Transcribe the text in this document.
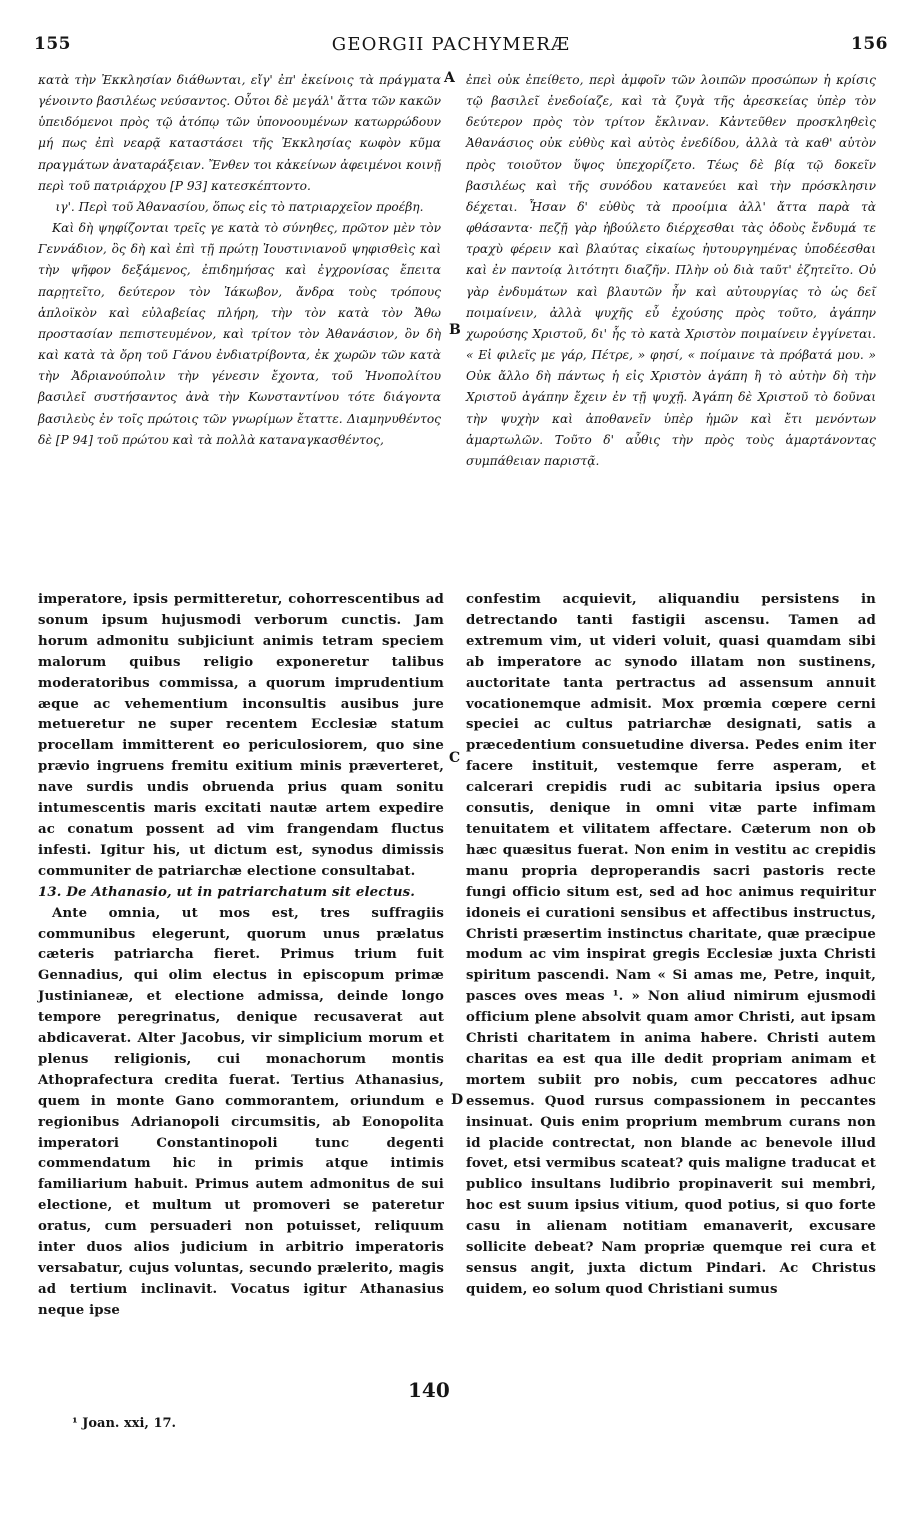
155	GEORGII PACHYMERÆ	156

κατὰ τὴν Ἐκκλησίαν διάθωνται, εἴγ' ἐπ' ἐκείνοις τὰ πράγματα γένοιντο βασιλέως νεύσαντος. Οὗτοι δὲ μεγάλ' ἄττα τῶν κακῶν ὑπειδόμενοι πρὸς τῷ ἀτόπῳ τῶν ὑπονοουμένων κατωρρώδουν μή πως ἐπὶ νεαρᾷ καταστάσει τῆς Ἐκκλησίας κωφὸν κῦμα πραγμάτων ἀναταράξειαν. Ἔνθεν τοι κἀκείνων ἀφειμένοι κοινῇ περὶ τοῦ πατριάρχου [P 93] κατεσκέπτοντο.

ιγ'. Περὶ τοῦ Ἀθανασίου, ὅπως εἰς τὸ πατριαρχεῖον προέβη.

Καὶ δὴ ψηφίζονται τρεῖς γε κατὰ τὸ σύνηθες, πρῶτον μὲν τὸν Γεννάδιον, ὃς δὴ καὶ ἐπὶ τῇ πρώτῃ Ἰουστινιανοῦ ψηφισθεὶς καὶ τὴν ψῆφον δεξάμενος, ἐπιδημήσας καὶ ἐγχρονίσας ἔπειτα παρῃτεῖτο, δεύτερον τὸν Ἰάκωβον, ἄνδρα τοὺς τρόπους ἁπλοϊκὸν καὶ εὐλαβείας πλήρη, τὴν τὸν κατὰ τὸν Ἄθω προστασίαν πεπιστευμένον, καὶ τρίτον τὸν Ἀθανάσιον, ὃν δὴ καὶ κατὰ τὰ ὄρη τοῦ Γάνου ἐνδιατρίβοντα, ἐκ χωρῶν τῶν κατὰ τὴν Ἀδριανούπολιν τὴν γένεσιν ἔχοντα, τοῦ Ἠνοπολίτου βασιλεῖ συστήσαντος ἀνὰ τὴν Κωνσταντίνου τότε διάγοντα βασιλεὺς ἐν τοῖς πρώτοις τῶν γνωρίμων ἔταττε. Διαμηνυθέντος δὲ [P 94] τοῦ πρώτου καὶ τὰ πολλὰ καταναγκασθέντος,

ἐπεὶ οὐκ ἐπείθετο, περὶ ἀμφοῖν τῶν λοιπῶν προσώπων ἡ κρίσις τῷ βασιλεῖ ἐνεδοίαζε, καὶ τὰ ζυγὰ τῆς ἀρεσκείας ὑπὲρ τὸν δεύτερον πρὸς τὸν τρίτον ἔκλιναν. Κἀντεῦθεν προσκληθεὶς Ἀθανάσιος οὐκ εὐθὺς καὶ αὐτὸς ἐνεδίδου, ἀλλὰ τὰ καθ' αὑτὸν πρὸς τοιοῦτον ὕψος ὑπεχορίζετο. Τέως δὲ βίᾳ τῷ δοκεῖν βασιλέως καὶ τῆς συνόδου κατανεύει καὶ τὴν πρόσκλησιν δέχεται. Ἦσαν δ' εὐθὺς τὰ προοίμια ἀλλ' ἄττα παρὰ τὰ φθάσαντα· πεζῇ γὰρ ἠβούλετο διέρχεσθαι τὰς ὁδοὺς ἔνδυμά τε τραχὺ φέρειν καὶ βλαύτας εἰκαίως ἠυτουργημένας ὑποδέεσθαι καὶ ἐν παντοίᾳ λιτότητι διαζῆν. Πλὴν οὐ διὰ ταῦτ' ἐζητεῖτο. Οὐ γὰρ ἐνδυμάτων καὶ βλαυτῶν ἦν καὶ αὐτουργίας τὸ ὡς δεῖ ποιμαίνειν, ἀλλὰ ψυχῆς εὖ ἐχούσης πρὸς τοῦτο, ἀγάπην χωρούσης Χριστοῦ, δι' ἧς τὸ κατὰ Χριστὸν ποιμαίνειν ἐγγίνεται. « Εἰ φιλεῖς με γάρ, Πέτρε, » φησί, « ποίμαινε τὰ πρόβατά μου. » Οὐκ ἄλλο δὴ πάντως ἡ εἰς Χριστὸν ἀγάπη ἢ τὸ αὐτὴν δὴ τὴν Χριστοῦ ἀγάπην ἔχειν ἐν τῇ ψυχῇ. Ἀγάπη δὲ Χριστοῦ τὸ δοῦναι τὴν ψυχὴν καὶ ἀποθανεῖν ὑπὲρ ἡμῶν καὶ ἔτι μενόντων ἁμαρτωλῶν. Τοῦτο δ' αὖθις τὴν πρὸς τοὺς ἁμαρτάνοντας συμπάθειαν παριστᾷ.

imperatore, ipsis permitteretur, cohorrescentibus ad sonum ipsum hujusmodi verborum cunctis. Jam horum admonitu subjiciunt animis tetram speciem malorum quibus religio exponeretur talibus moderatoribus commissa, a quorum imprudentium æque ac vehementium inconsultis ausibus jure metueretur ne super recentem Ecclesiæ statum procellam immitterent eo periculosiorem, quo sine prævio ingruens fremitu exitium minis præverteret, nave surdis undis obruenda prius quam sonitu intumescentis maris excitati nautæ artem expedire ac conatum possent ad vim frangendam fluctus infesti. Igitur his, ut dictum est, synodus dimissis communiter de patriarchæ electione consultabat.

13. De Athanasio, ut in patriarchatum sit electus.

Ante omnia, ut mos est, tres suffragiis communibus elegerunt, quorum unus prælatus cæteris patriarcha fieret. Primus trium fuit Gennadius, qui olim electus in episcopum primæ Justinianeæ, et electione admissa, deinde longo tempore peregrinatus, denique recusaverat aut abdicaverat. Alter Jacobus, vir simplicium morum et plenus religionis, cui monachorum montis Athoprafectura credita fuerat. Tertius Athanasius, quem in monte Gano commorantem, oriundum e regionibus Adrianopoli circumsitis, ab Eonopolita imperatori Constantinopoli tunc degenti commendatum hic in primis atque intimis familiarium habuit. Primus autem admonitus de sui electione, et multum ut promoveri se pateretur oratus, cum persuaderi non potuisset, reliquum inter duos alios judicium in arbitrio imperatoris versabatur, cujus voluntas, secundo prælerito, magis ad tertium inclinavit. Vocatus igitur Athanasius neque ipse

confestim acquievit, aliquandiu persistens in detrectando tanti fastigii ascensu. Tamen ad extremum vim, ut videri voluit, quasi quamdam sibi ab imperatore ac synodo illatam non sustinens, auctoritate tanta pertractus ad assensum annuit vocationemque admisit. Mox prœmia cœpere cerni speciei ac cultus patriarchæ designati, satis a præcedentium consuetudine diversa. Pedes enim iter facere instituit, vestemque ferre asperam, et calcerari crepidis rudi ac subitaria ipsius opera consutis, denique in omni vitæ parte infimam tenuitatem et vilitatem affectare. Cæterum non ob hæc quæsitus fuerat. Non enim in vestitu ac crepidis manu propria deproperandis sacri pastoris recte fungi officio situm est, sed ad hoc animus requiritur idoneis ei curationi sensibus et affectibus instructus, Christi præsertim instinctus charitate, quæ præcipue modum ac vim inspirat gregis Ecclesiæ juxta Christi spiritum pascendi. Nam « Si amas me, Petre, inquit, pasces oves meas ¹. » Non aliud nimirum ejusmodi officium plene absolvit quam amor Christi, aut ipsam Christi charitatem in anima habere. Christi autem charitas ea est qua ille dedit propriam animam et mortem subiit pro nobis, cum peccatores adhuc essemus. Quod rursus compassionem in peccantes insinuat. Quis enim proprium membrum curans non id placide contrectat, non blande ac benevole illud fovet, etsi vermibus scateat? quis maligne traducat et publico insultans ludibrio propinaverit sui membri, hoc est suum ipsius vitium, quod potius, si quo forte casu in alienam notitiam emanaverit, excusare sollicite debeat? Nam propriæ quemque rei cura et sensus angit, juxta dictum Pindari. Ac Christus quidem, eo solum quod Christiani sumus

A
B
C
D
140
¹ Joan. xxi, 17.
